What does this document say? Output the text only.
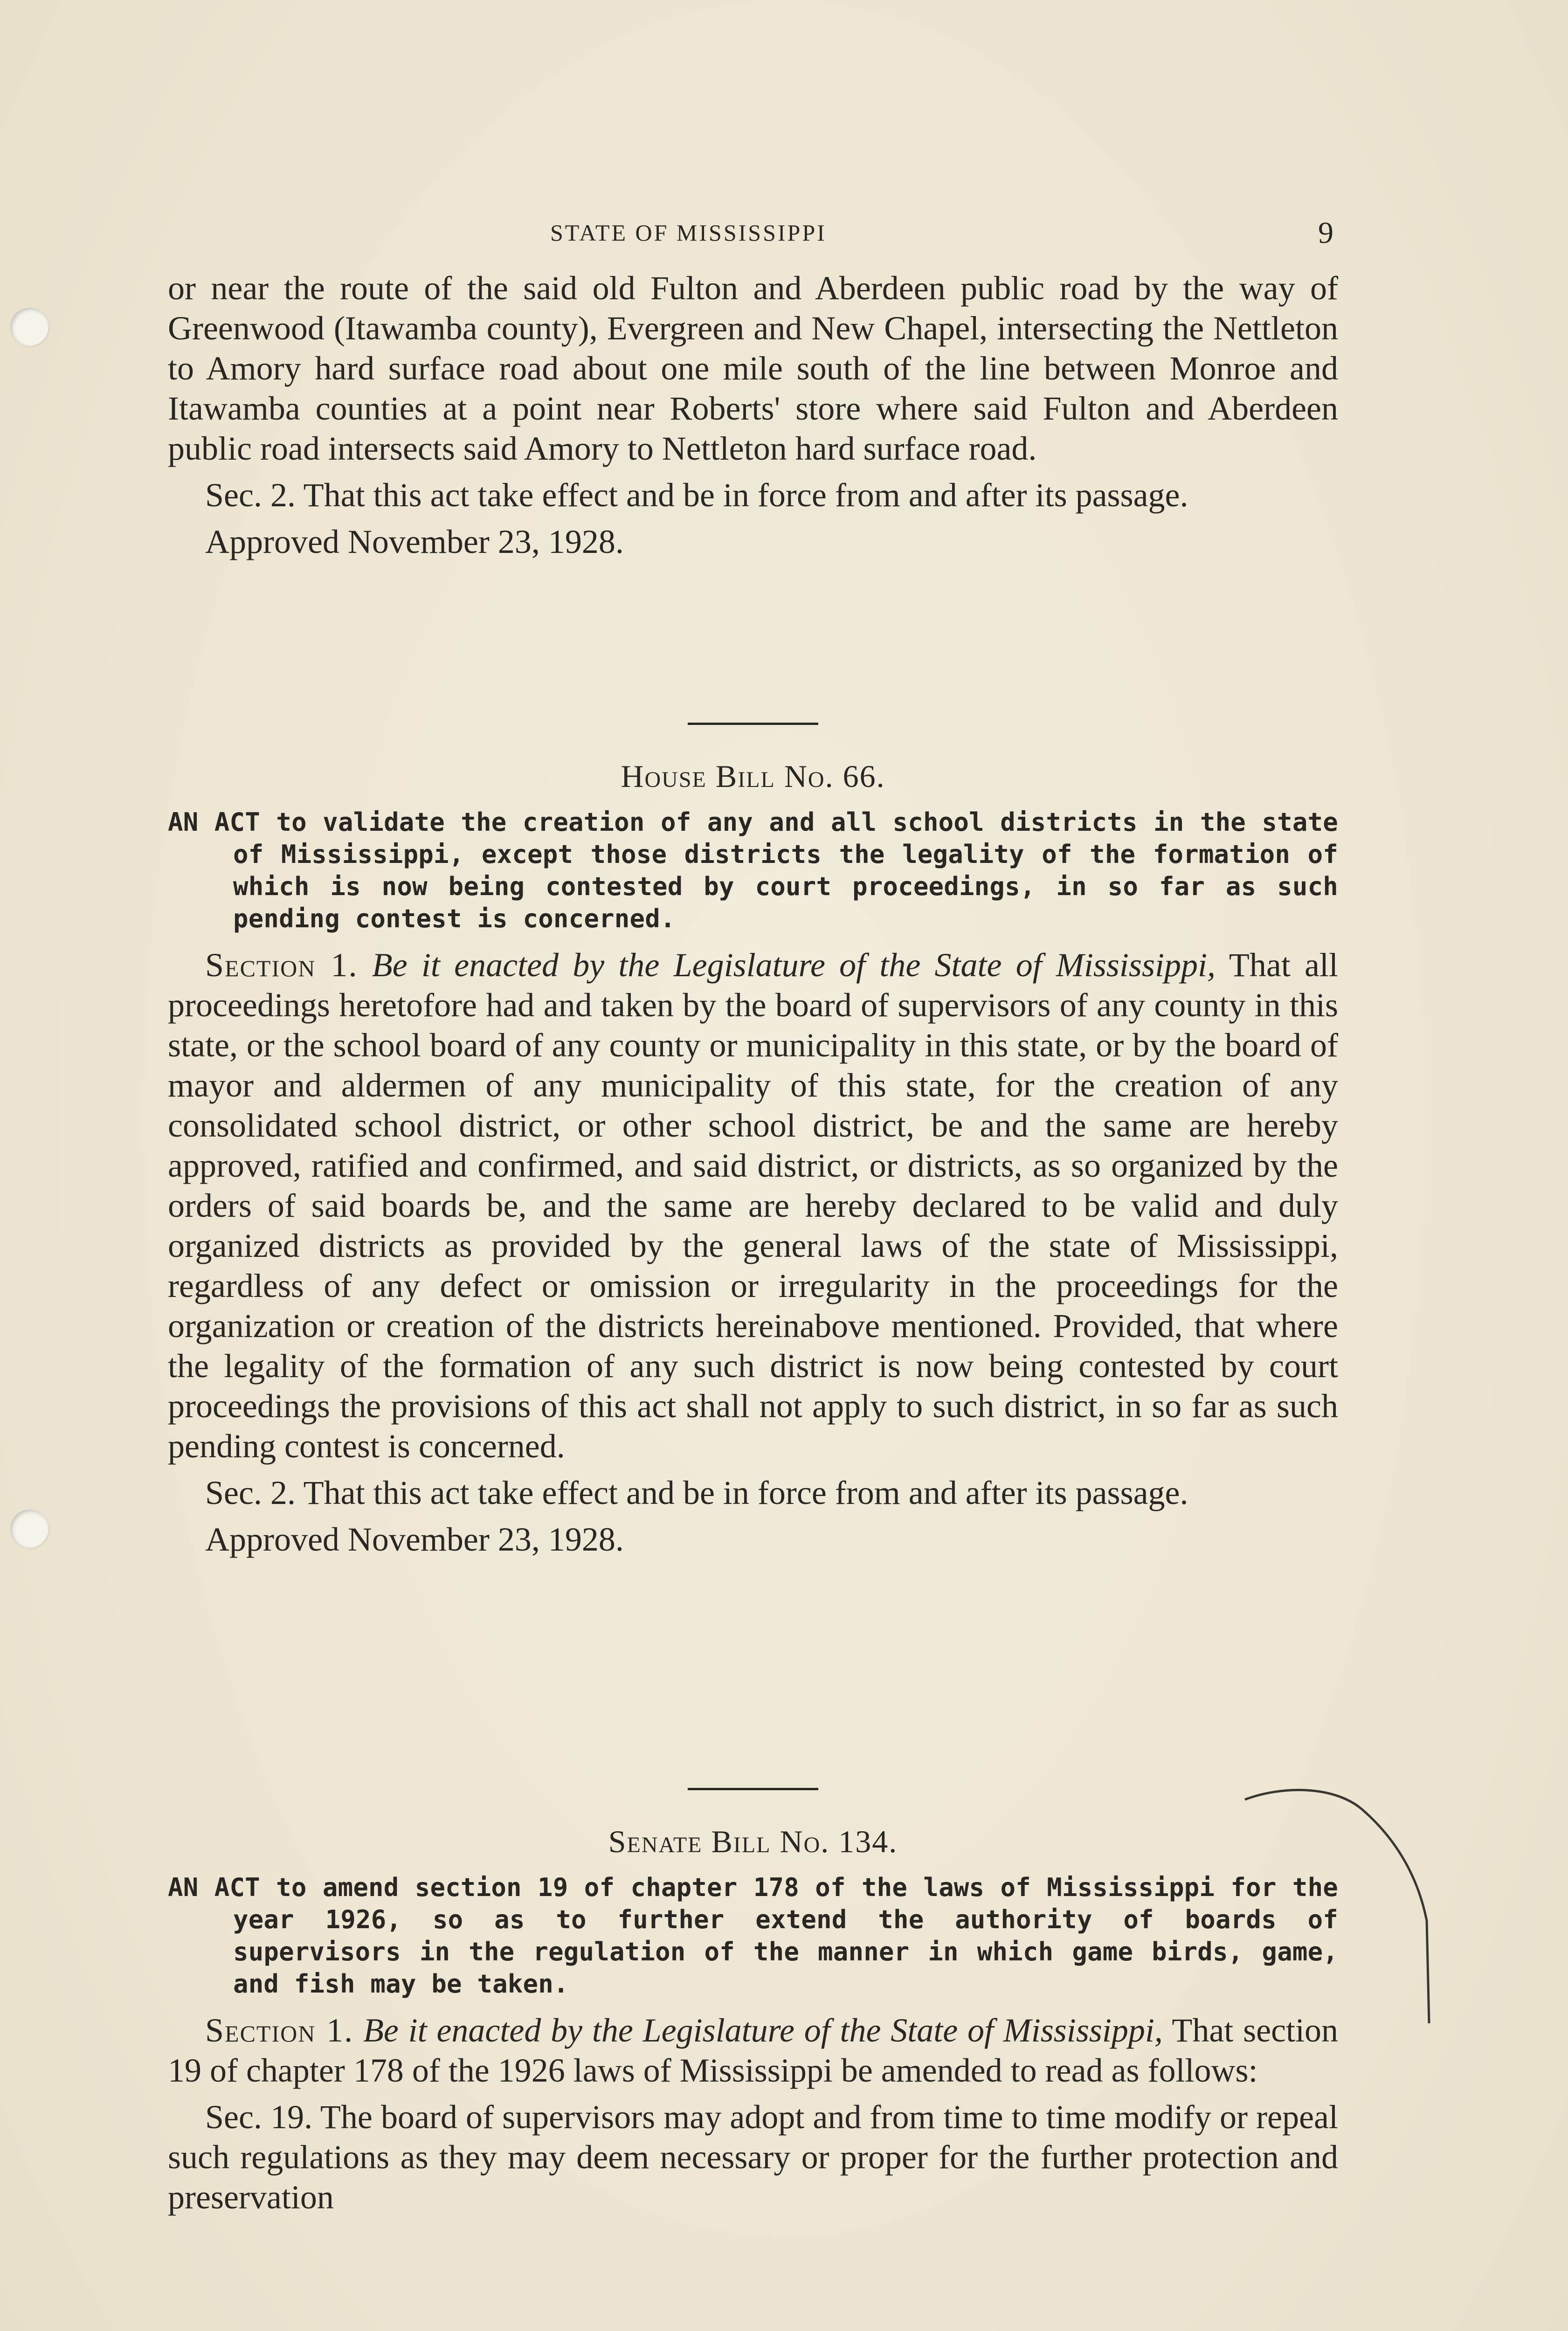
STATE OF MISSISSIPPI	9

or near the route of the said old Fulton and Aberdeen public road by the way of Greenwood (Itawamba county), Evergreen and New Chapel, intersecting the Nettleton to Amory hard surface road about one mile south of the line between Monroe and Itawamba counties at a point near Roberts' store where said Fulton and Aberdeen public road intersects said Amory to Nettleton hard surface road.

Sec. 2. That this act take effect and be in force from and after its passage.

Approved November 23, 1928.

House Bill No. 66.

AN ACT to validate the creation of any and all school districts in the state of Mississippi, except those districts the legality of the formation of which is now being contested by court proceedings, in so far as such pending contest is concerned.

Section 1. Be it enacted by the Legislature of the State of Mississippi, That all proceedings heretofore had and taken by the board of supervisors of any county in this state, or the school board of any county or municipality in this state, or by the board of mayor and aldermen of any municipality of this state, for the creation of any consolidated school district, or other school district, be and the same are hereby approved, ratified and confirmed, and said district, or districts, as so organized by the orders of said boards be, and the same are hereby declared to be valid and duly organized districts as provided by the general laws of the state of Mississippi, regardless of any defect or omission or irregularity in the proceedings for the organization or creation of the districts hereinabove mentioned. Provided, that where the legality of the formation of any such district is now being contested by court proceedings the provisions of this act shall not apply to such district, in so far as such pending contest is concerned.

Sec. 2. That this act take effect and be in force from and after its passage.

Approved November 23, 1928.

Senate Bill No. 134.

AN ACT to amend section 19 of chapter 178 of the laws of Mississippi for the year 1926, so as to further extend the authority of boards of supervisors in the regulation of the manner in which game birds, game, and fish may be taken.

Section 1. Be it enacted by the Legislature of the State of Mississippi, That section 19 of chapter 178 of the 1926 laws of Mississippi be amended to read as follows:

Sec. 19. The board of supervisors may adopt and from time to time modify or repeal such regulations as they may deem necessary or proper for the further protection and preservation
